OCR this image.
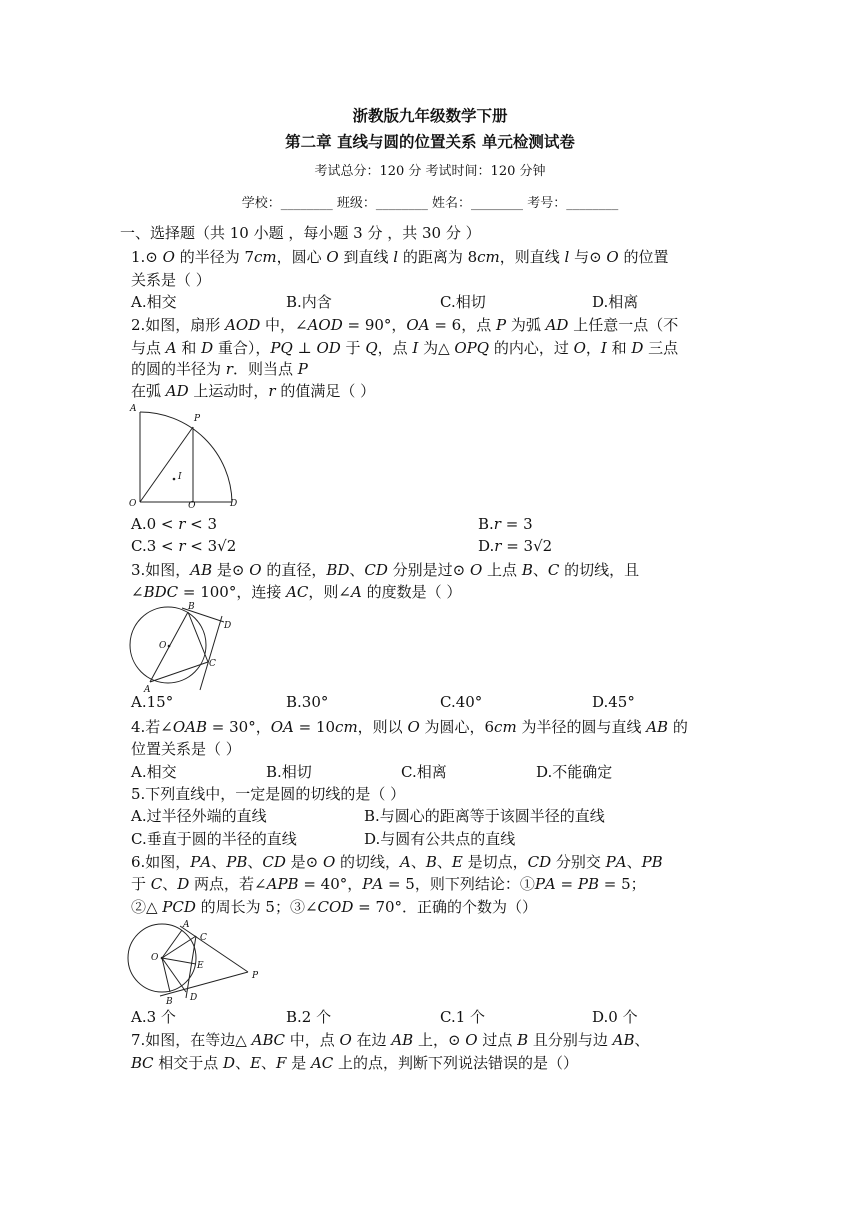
浙教版九年级数学下册
第二章 直线与圆的位置关系 单元检测试卷
考试总分：120 分 考试时间：120 分钟
学校：________ 班级：________ 姓名：________ 考号：________
一、选择题（共 10 小题 ，每小题 3 分 ，共 30 分 ）
1.⊙ 𝑂 的半径为 7𝑐𝑚，圆心 𝑂 到直线 𝑙 的距离为 8𝑐𝑚，则直线 𝑙 与⊙ 𝑂 的位置
关系是（ ）
A.相交	B.内含	C.相切	D.相离
2.如图，扇形 𝐴𝑂𝐷 中，∠𝐴𝑂𝐷 = 90°，𝑂𝐴 = 6，点 𝑃 为弧 𝐴𝐷 上任意一点（不
与点 𝐴 和 𝐷 重合），𝑃𝑄 ⊥ 𝑂𝐷 于 𝑄，点 𝐼 为△ 𝑂𝑃𝑄 的内心，过 𝑂，𝐼 和 𝐷 三点
的圆的半径为 𝑟．则当点 𝑃
在弧 𝐴𝐷 上运动时，𝑟 的值满足（ ）
A
P
I
O	Q	D
A.0 < 𝑟 < 3	B.𝑟 = 3
C.3 < 𝑟 < 3√2	D.𝑟 = 3√2
3.如图，𝐴𝐵 是⊙ 𝑂 的直径，𝐵𝐷、𝐶𝐷 分别是过⊙ 𝑂 上点 𝐵、𝐶 的切线，且
∠𝐵𝐷𝐶 = 100°，连接 𝐴𝐶，则∠𝐴 的度数是（ ）
B
D
O
C
A
A.15°	B.30°	C.40°	D.45°
4.若∠𝑂𝐴𝐵 = 30°，𝑂𝐴 = 10𝑐𝑚，则以 𝑂 为圆心，6𝑐𝑚 为半径的圆与直线 𝐴𝐵 的
位置关系是（ ）
A.相交	B.相切	C.相离	D.不能确定
5.下列直线中，一定是圆的切线的是（ ）
A.过半径外端的直线	B.与圆心的距离等于该圆半径的直线
C.垂直于圆的半径的直线	D.与圆有公共点的直线
6.如图，𝑃𝐴、𝑃𝐵、𝐶𝐷 是⊙ 𝑂 的切线，𝐴、𝐵、𝐸 是切点，𝐶𝐷 分别交 𝑃𝐴、𝑃𝐵
于 𝐶、𝐷 两点，若∠𝐴𝑃𝐵 = 40°，𝑃𝐴 = 5，则下列结论：①𝑃𝐴 = 𝑃𝐵 = 5；
②△ 𝑃𝐶𝐷 的周长为 5；③∠𝐶𝑂𝐷 = 70°．正确的个数为（）
A
C
O
E
P
B D
A.3 个	B.2 个	C.1 个	D.0 个
7.如图，在等边△ 𝐴𝐵𝐶 中，点 𝑂 在边 𝐴𝐵 上，⊙ 𝑂 过点 𝐵 且分别与边 𝐴𝐵、
𝐵𝐶 相交于点 𝐷、𝐸、𝐹 是 𝐴𝐶 上的点，判断下列说法错误的是（）
